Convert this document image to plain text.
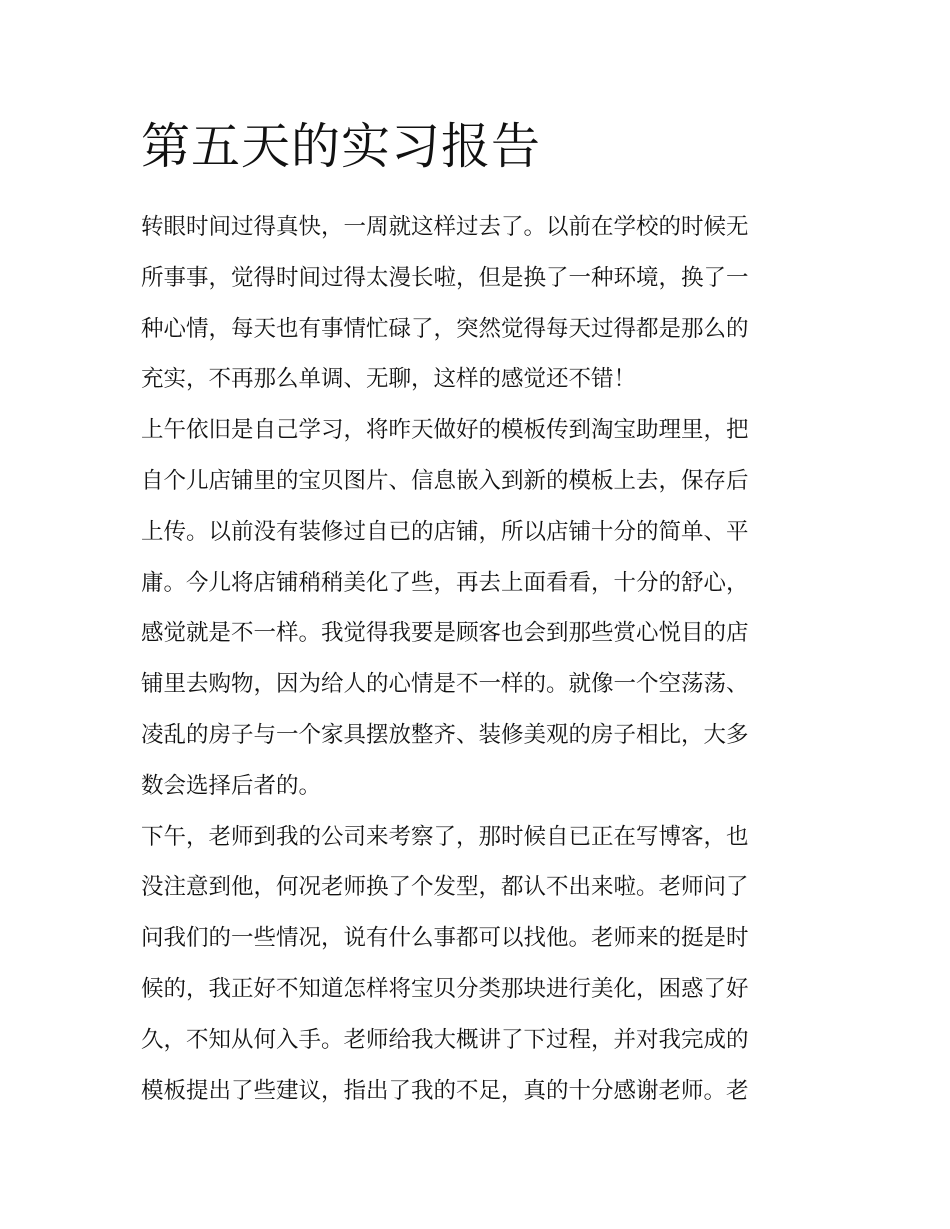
第五天的实习报告
转眼时间过得真快，一周就这样过去了。以前在学校的时候无
所事事，觉得时间过得太漫长啦，但是换了一种环境，换了一
种心情，每天也有事情忙碌了，突然觉得每天过得都是那么的
充实，不再那么单调、无聊，这样的感觉还不错！
上午依旧是自己学习，将昨天做好的模板传到淘宝助理里，把
自个儿店铺里的宝贝图片、信息嵌入到新的模板上去，保存后
上传。以前没有装修过自已的店铺，所以店铺十分的简单、平
庸。今儿将店铺稍稍美化了些，再去上面看看，十分的舒心，
感觉就是不一样。我觉得我要是顾客也会到那些赏心悦目的店
铺里去购物，因为给人的心情是不一样的。就像一个空荡荡、
凌乱的房子与一个家具摆放整齐、装修美观的房子相比，大多
数会选择后者的。
下午，老师到我的公司来考察了，那时候自已正在写博客，也
没注意到他，何况老师换了个发型，都认不出来啦。老师问了
问我们的一些情况，说有什么事都可以找他。老师来的挺是时
候的，我正好不知道怎样将宝贝分类那块进行美化，困惑了好
久，不知从何入手。老师给我大概讲了下过程，并对我完成的
模板提出了些建议，指出了我的不足，真的十分感谢老师。老
